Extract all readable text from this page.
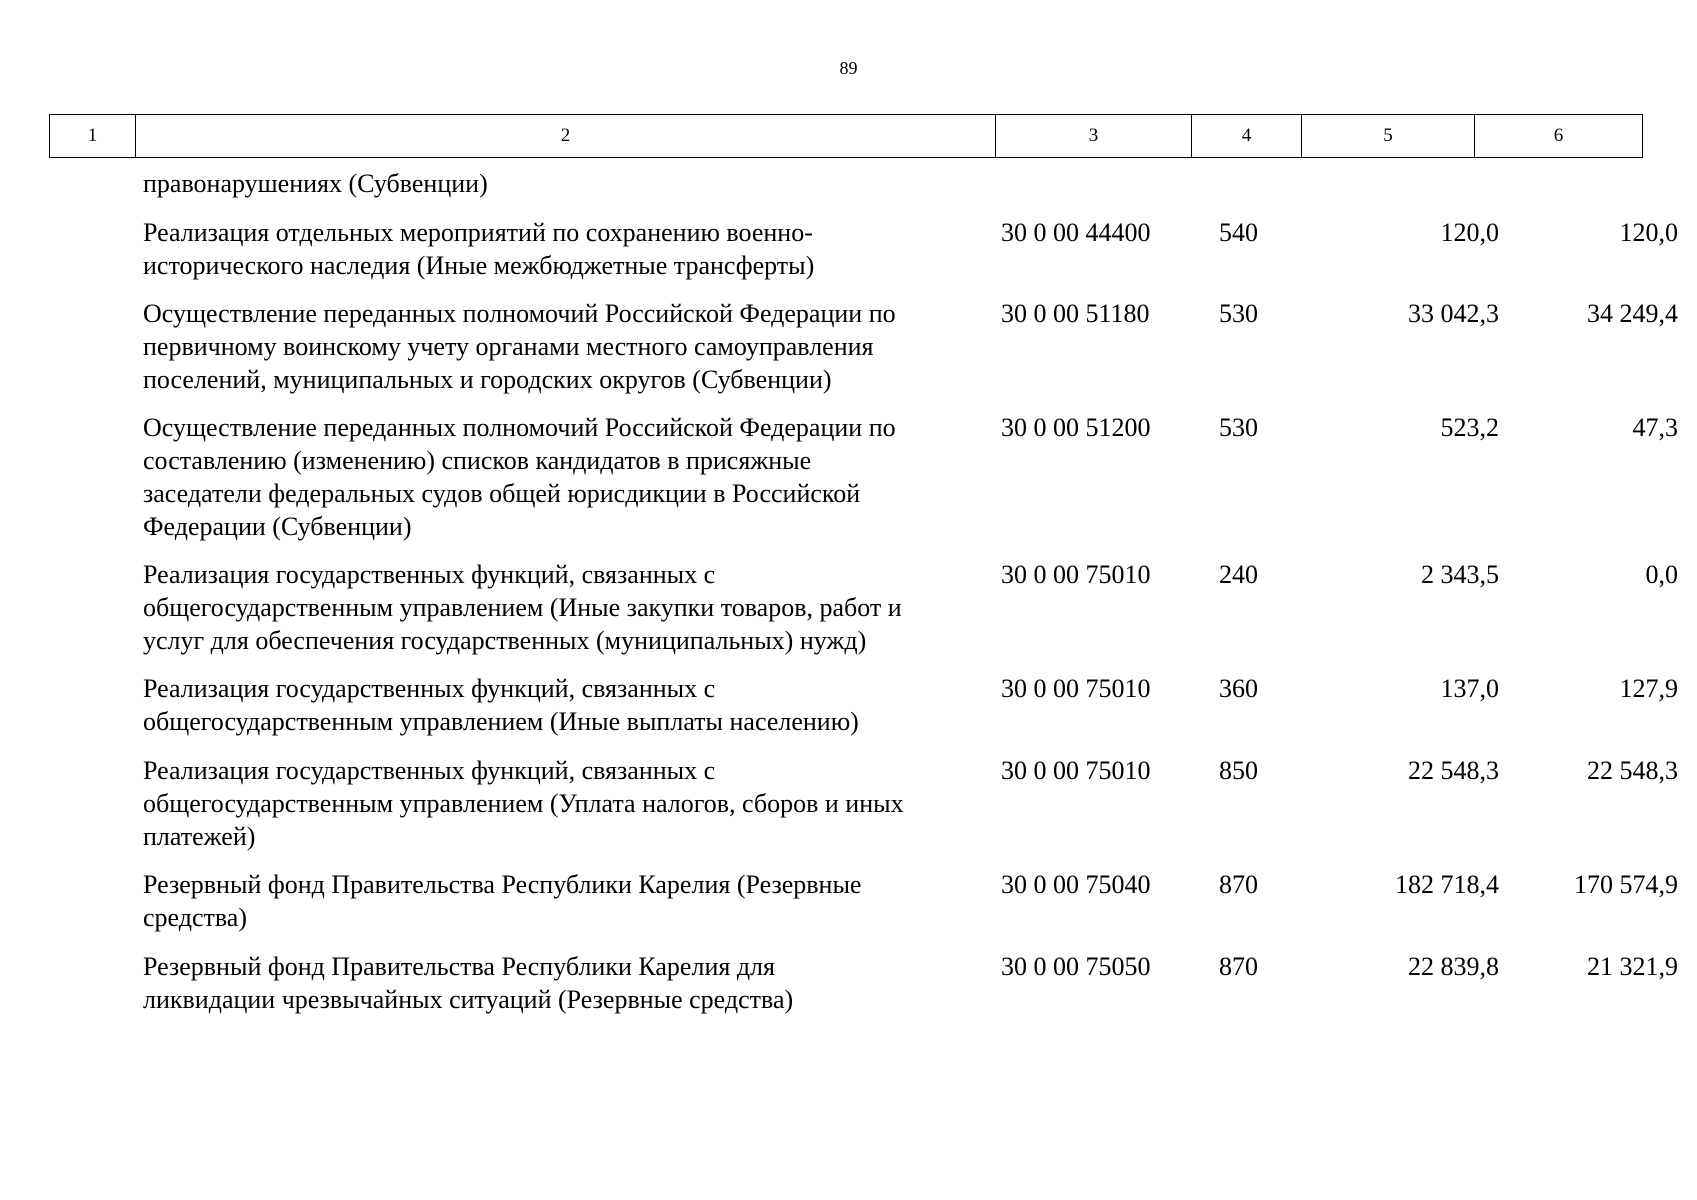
89
1	2	3	4	5	6
правонарушениях (Субвенции)
Реализация отдельных мероприятий по сохранению военно-
исторического наследия (Иные межбюджетные трансферты)
30 0 00 44400	540	120,0	120,0
Осуществление переданных полномочий Российской Федерации по
первичному воинскому учету органами местного самоуправления
поселений, муниципальных и городских округов (Субвенции)
30 0 00 51180	530	33 042,3	34 249,4
Осуществление переданных полномочий Российской Федерации по
составлению (изменению) списков кандидатов в присяжные
заседатели федеральных судов общей юрисдикции в Российской
Федерации (Субвенции)
30 0 00 51200	530	523,2	47,3
Реализация государственных функций, связанных с
общегосударственным управлением (Иные закупки товаров, работ и
услуг для обеспечения государственных (муниципальных) нужд)
30 0 00 75010	240	2 343,5	0,0
Реализация государственных функций, связанных с
общегосударственным управлением (Иные выплаты населению)
30 0 00 75010	360	137,0	127,9
Реализация государственных функций, связанных с
общегосударственным управлением (Уплата налогов, сборов и иных
платежей)
30 0 00 75010	850	22 548,3	22 548,3
Резервный фонд Правительства Республики Карелия (Резервные
средства)
30 0 00 75040	870	182 718,4	170 574,9
Резервный фонд Правительства Республики Карелия для
ликвидации чрезвычайных ситуаций (Резервные средства)
30 0 00 75050	870	22 839,8	21 321,9
